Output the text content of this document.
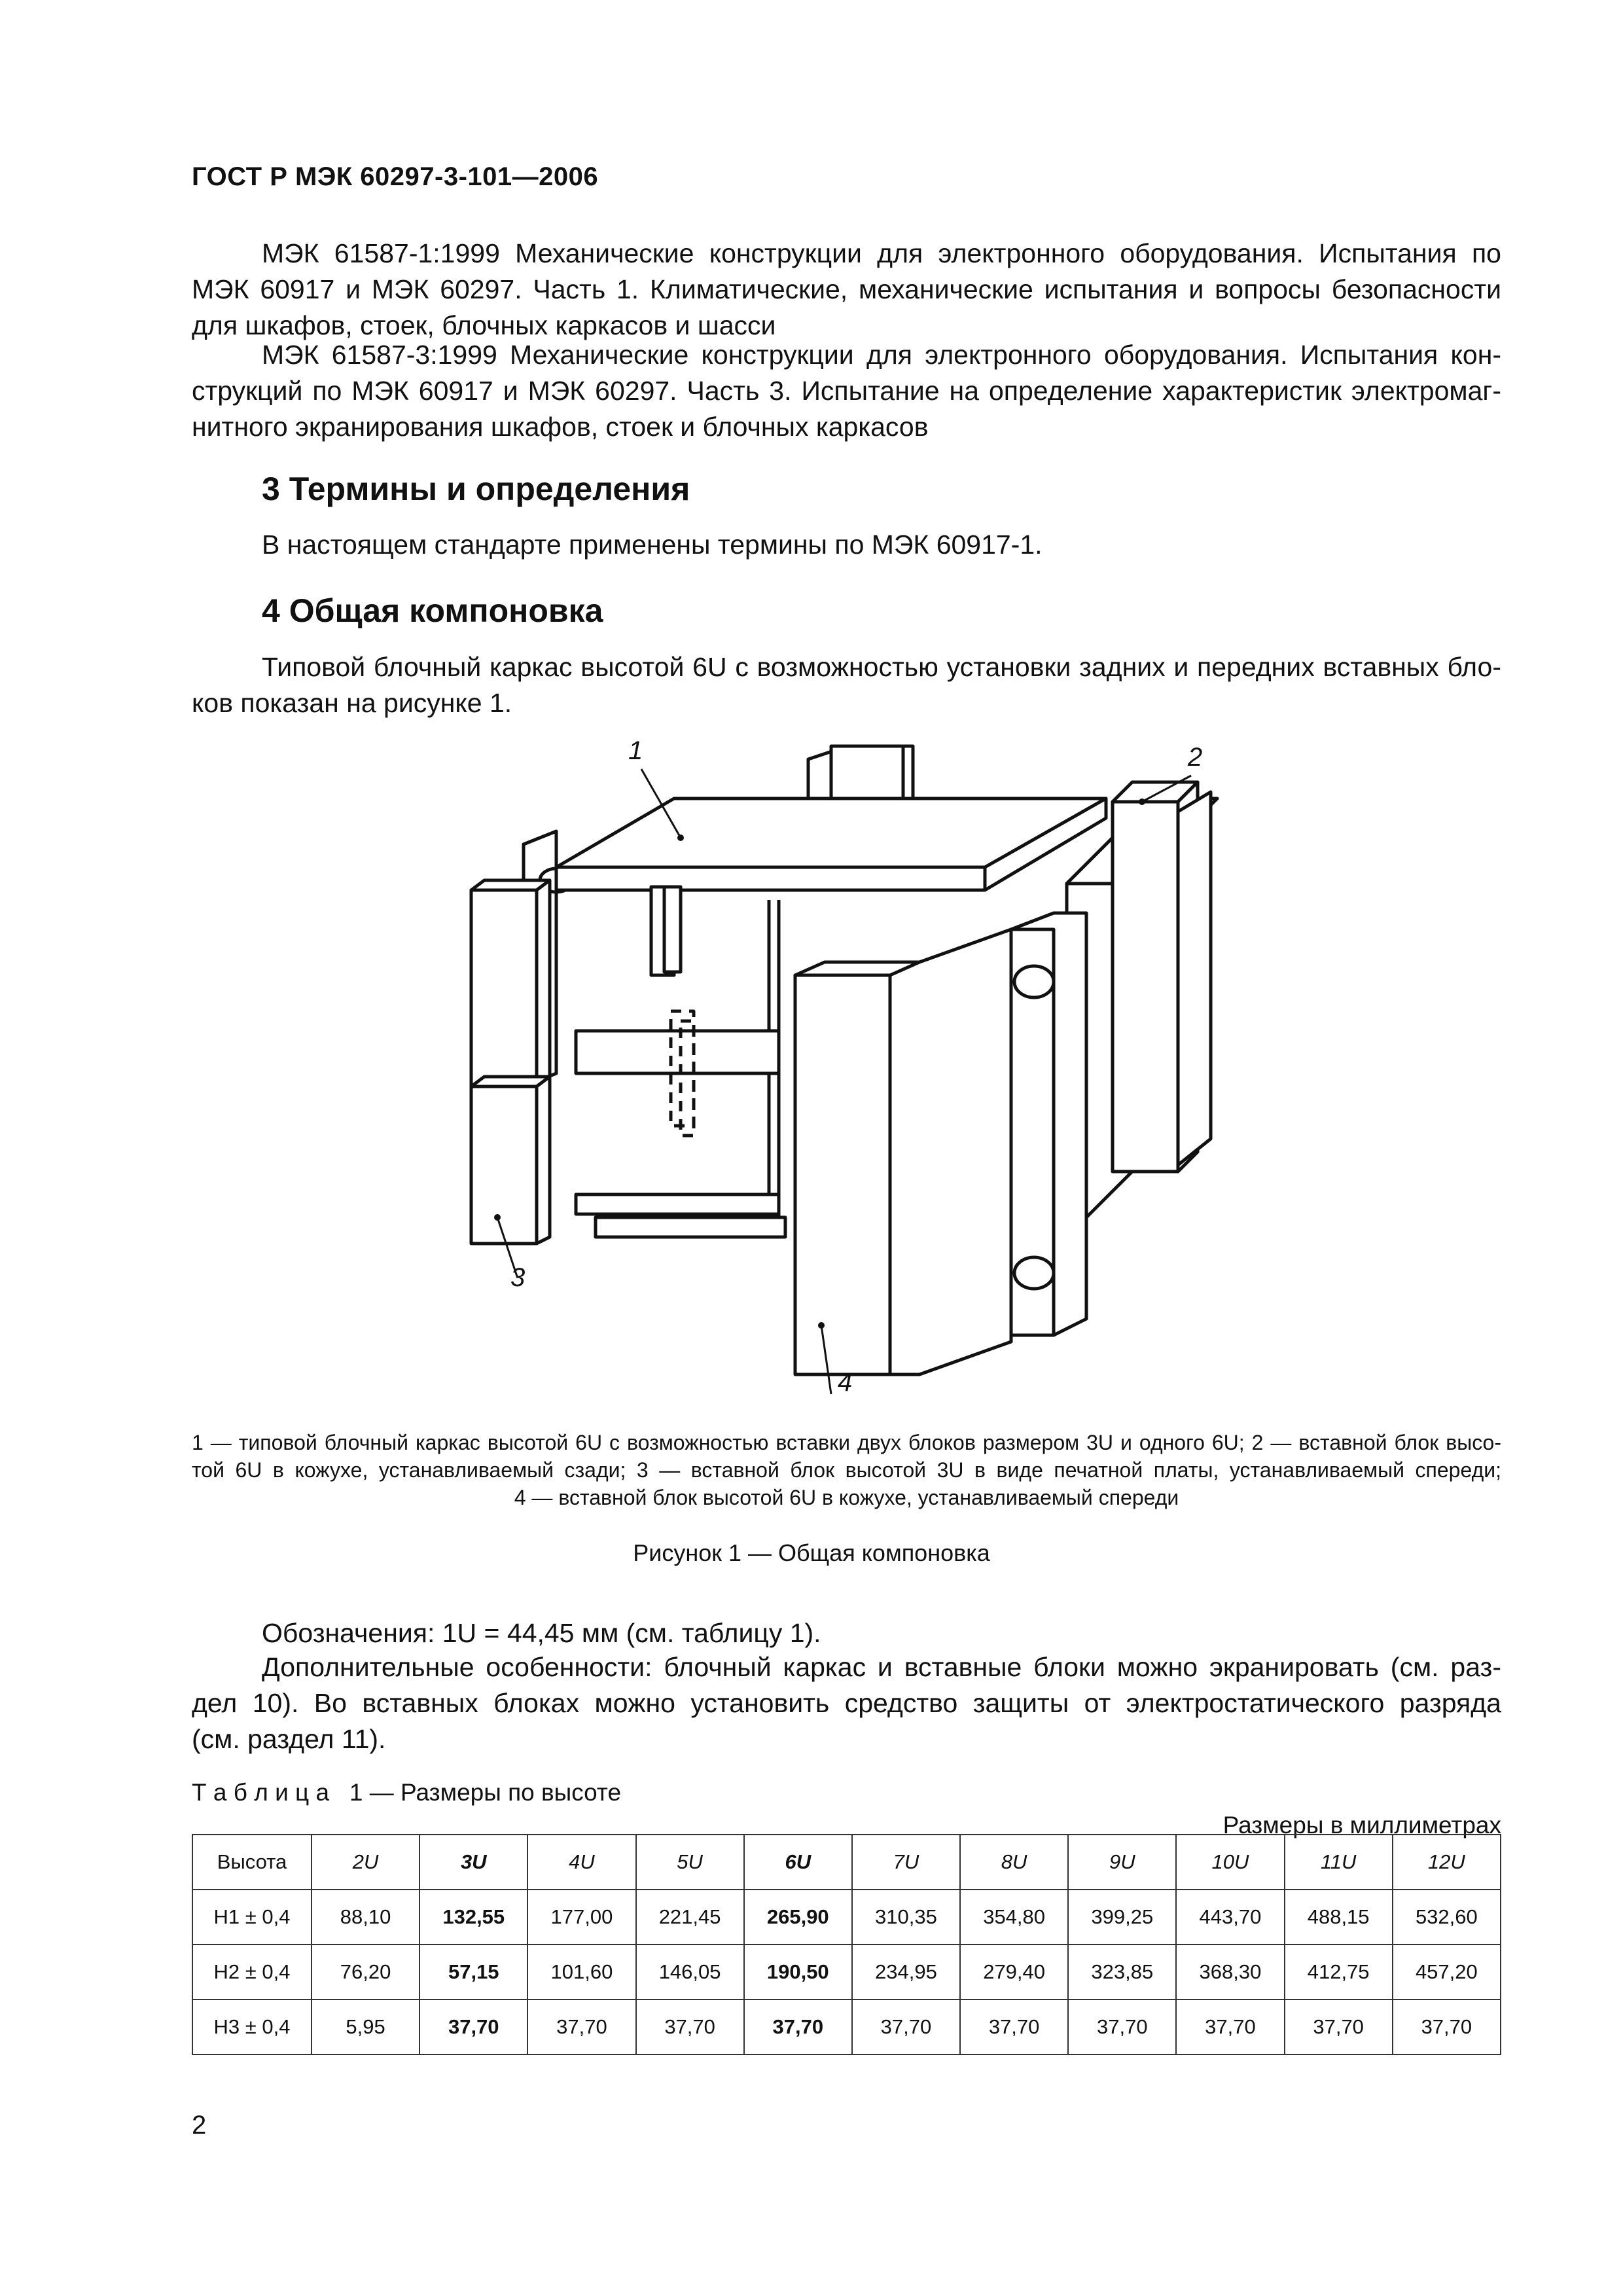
ГОСТ Р МЭК 60297-3-101—2006
МЭК 61587-1:1999 Механические конструкции для электронного оборудования. Испытания по
МЭК 60917 и МЭК 60297. Часть 1. Климатические, механические испытания и вопросы безопасности
для шкафов, стоек, блочных каркасов и шасси
МЭК 61587-3:1999 Механические конструкции для электронного оборудования. Испытания кон-
струкций по МЭК 60917 и МЭК 60297. Часть 3. Испытание на определение характеристик электромаг-
нитного экранирования шкафов, стоек и блочных каркасов
3 Термины и определения
В настоящем стандарте применены термины по МЭК 60917-1.
4 Общая компоновка
Типовой блочный каркас высотой 6U с возможностью установки задних и передних вставных бло-
ков показан на рисунке 1.
1	2
3
4
1 — типовой блочный каркас высотой 6U с возможностью вставки двух блоков размером 3U и одного 6U; 2 — вставной блок высо-
той 6U в кожухе, устанавливаемый сзади; 3 — вставной блок высотой 3U в виде печатной платы, устанавливаемый спереди;
4 — вставной блок высотой 6U в кожухе, устанавливаемый спереди
Рисунок 1 — Общая компоновка
Обозначения: 1U = 44,45 мм (см. таблицу 1).
Дополнительные особенности: блочный каркас и вставные блоки можно экранировать (см. раз-
дел 10). Во вставных блоках можно установить средство защиты от электростатического разряда
(см. раздел 11).
Т а б л и ц а   1 — Размеры по высоте
Размеры в миллиметрах
Высота	2U	3U	4U	5U	6U	7U	8U	9U	10U	11U	12U
H1 ± 0,4	88,10	132,55	177,00	221,45	265,90	310,35	354,80	399,25	443,70	488,15	532,60
H2 ± 0,4	76,20	57,15	101,60	146,05	190,50	234,95	279,40	323,85	368,30	412,75	457,20
H3 ± 0,4	5,95	37,70	37,70	37,70	37,70	37,70	37,70	37,70	37,70	37,70	37,70
2
